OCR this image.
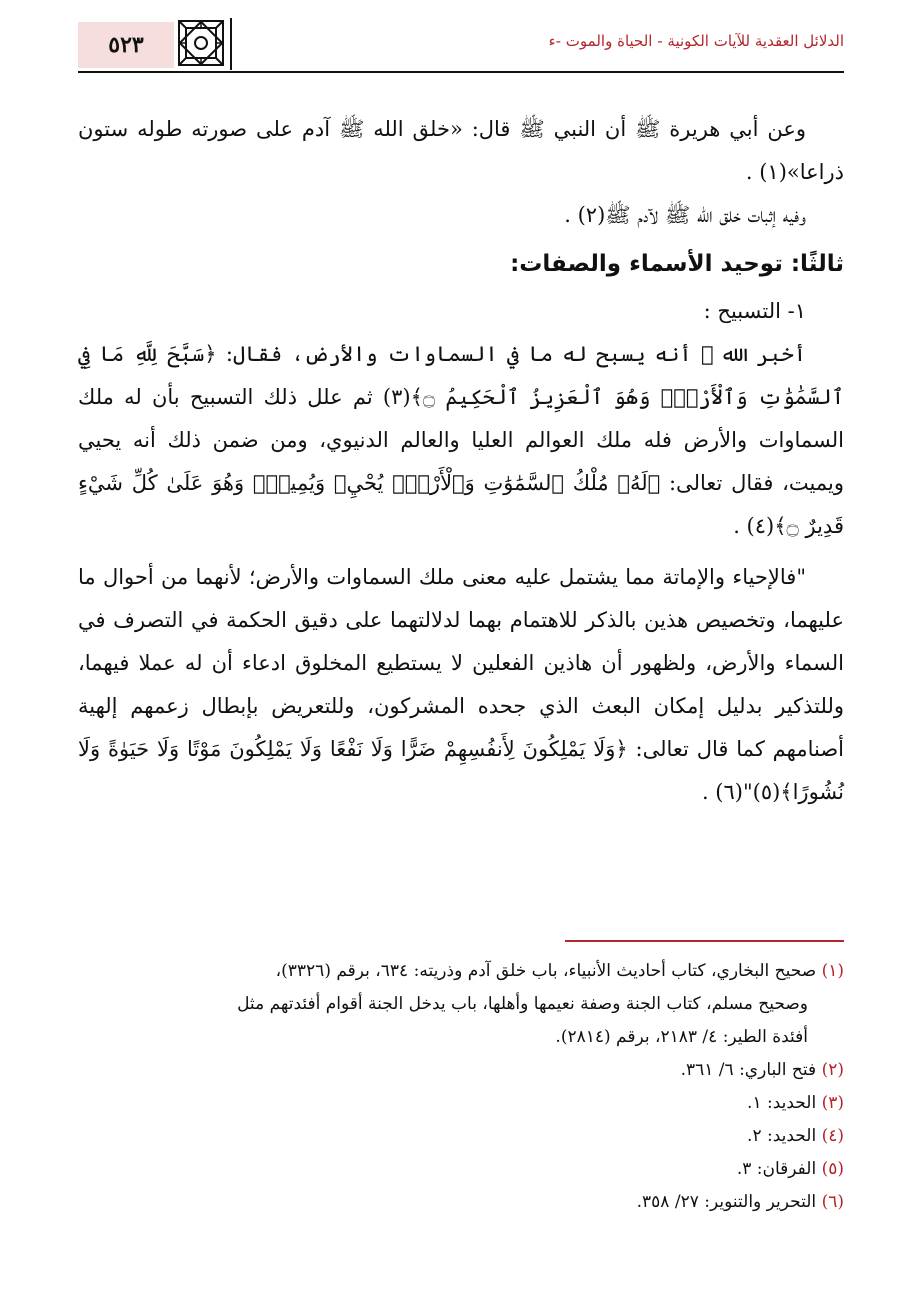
٥٢٣	الدلائل العقدية للآيات الكونية - الحياة والموت -ء

وعن أبي هريرة ﷺ أن النبي ﷺ قال: «خلق الله ﷺ آدم على صورته طوله ستون ذراعا»(١) .

وفيه إثبات خلق الله ﷺ لآدم ﷺ(٢) .

ثالثًا: توحيد الأسماء والصفات:

١- التسبيح :

أخبر الله ﷺ أنه يسبح له ما في السماوات والأرض، فقال: ﴿سَبَّحَ لِلَّهِ مَا فِي ٱلسَّمَٰوَٰتِ وَٱلْأَرْضِۖ وَهُوَ ٱلْعَزِيزُ ٱلْحَكِيمُ ۝﴾(٣) ثم علل ذلك التسبيح بأن له ملك السماوات والأرض فله ملك العوالم العليا والعالم الدنيوي، ومن ضمن ذلك أنه يحيي ويميت، فقال تعالى: ﴿لَهُۥ مُلْكُ ٱلسَّمَٰوَٰتِ وَٱلْأَرْضِۖ يُحْيِۦ وَيُمِيتُۖ وَهُوَ عَلَىٰ كُلِّ شَيْءٍ قَدِيرٌ ۝﴾(٤) .

"فالإحياء والإماتة مما يشتمل عليه معنى ملك السماوات والأرض؛ لأنهما من أحوال ما عليهما، وتخصيص هذين بالذكر للاهتمام بهما لدلالتهما على دقيق الحكمة في التصرف في السماء والأرض، ولظهور أن هاذين الفعلين لا يستطيع المخلوق ادعاء أن له عملا فيهما، وللتذكير بدليل إمكان البعث الذي جحده المشركون، وللتعريض بإبطال زعمهم إلهية أصنامهم كما قال تعالى: ﴿وَلَا يَمْلِكُونَ لِأَنفُسِهِمْ ضَرًّا وَلَا نَفْعًا وَلَا يَمْلِكُونَ مَوْتًا وَلَا حَيَوٰةً وَلَا نُشُورًا﴾(٥)"(٦) .

(١) صحيح البخاري، كتاب أحاديث الأنبياء، باب خلق آدم وذريته: ٦٣٤، برقم (٣٣٢٦)،

وصحيح مسلم، كتاب الجنة وصفة نعيمها وأهلها، باب يدخل الجنة أقوام أفئدتهم مثل

أفئدة الطير: ٤/ ٢١٨٣، برقم (٢٨١٤).

(٢) فتح الباري: ٦/ ٣٦١.

(٣) الحديد: ١.

(٤) الحديد: ٢.

(٥) الفرقان: ٣.

(٦) التحرير والتنوير: ٢٧/ ٣٥٨.
